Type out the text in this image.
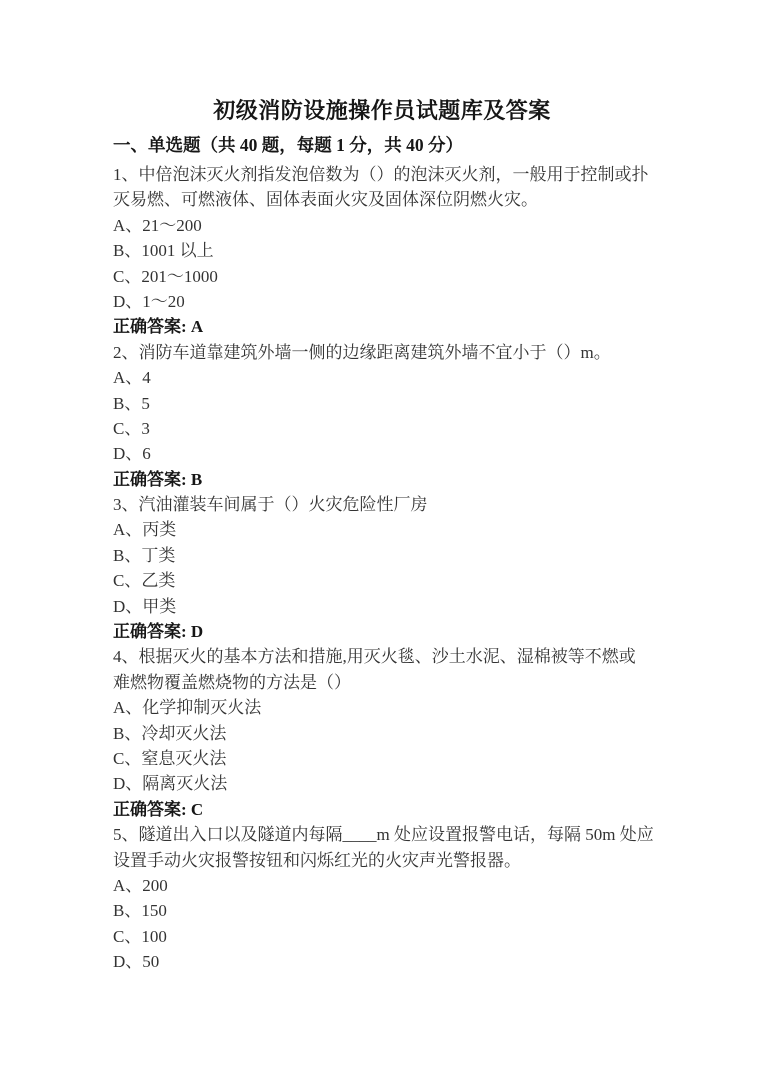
初级消防设施操作员试题库及答案
一、单选题（共 40 题，每题 1 分，共 40 分）
1、中倍泡沫灭火剂指发泡倍数为（）的泡沫灭火剂，一般用于控制或扑
灭易燃、可燃液体、固体表面火灾及固体深位阴燃火灾。
A、21～200
B、1001 以上
C、201～1000
D、1～20
正确答案: A
2、消防车道靠建筑外墙一侧的边缘距离建筑外墙不宜小于（）m。
A、4
B、5
C、3
D、6
正确答案: B
3、汽油灌装车间属于（）火灾危险性厂房
A、丙类
B、丁类
C、乙类
D、甲类
正确答案: D
4、根据灭火的基本方法和措施,用灭火毯、沙土水泥、湿棉被等不燃或
难燃物覆盖燃烧物的方法是（）
A、化学抑制灭火法
B、冷却灭火法
C、窒息灭火法
D、隔离灭火法
正确答案: C
5、隧道出入口以及隧道内每隔____m 处应设置报警电话，每隔 50m 处应
设置手动火灾报警按钮和闪烁红光的火灾声光警报器。
A、200
B、150
C、100
D、50
